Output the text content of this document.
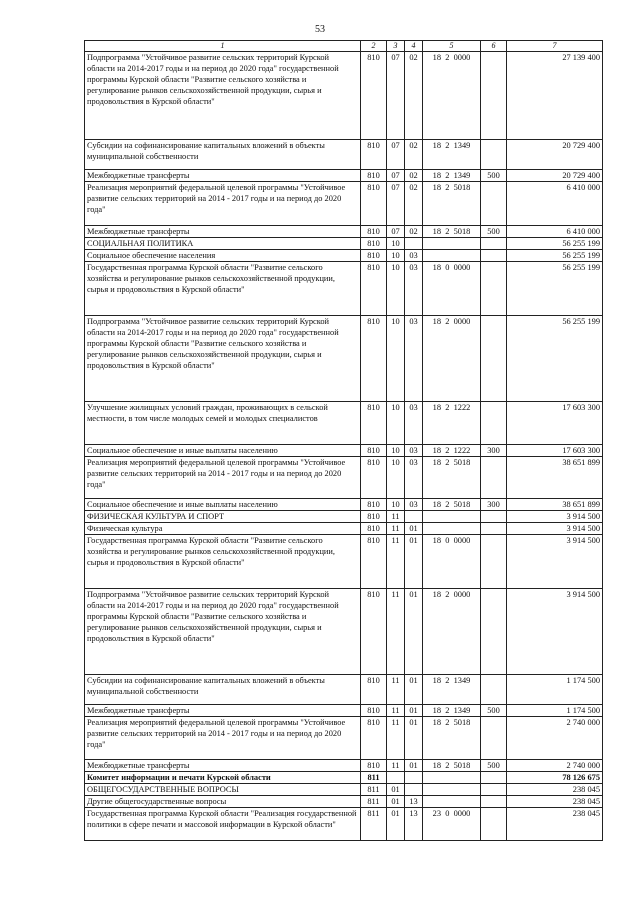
53
1	2	3	4	5	6	7
Подпрограмма "Устойчивое развитие сельских территорий Курской области на 2014-2017 годы и на период до 2020 года" государственной программы Курской области "Развитие сельского хозяйства и регулирование рынков сельскохозяйственной продукции, сырья и продовольствия в Курской области"	810	07	02	18  2  0000		27 139 400
Субсидии на софинансирование капитальных вложений в объекты муниципальной собственности	810	07	02	18  2  1349		20 729 400
Межбюджетные трансферты	810	07	02	18  2  1349	500	20 729 400
Реализация мероприятий федеральной целевой программы "Устойчивое развитие сельских территорий на 2014 - 2017 годы и на период до 2020 года"	810	07	02	18  2  5018		6 410 000
Межбюджетные трансферты	810	07	02	18  2  5018	500	6 410 000
СОЦИАЛЬНАЯ ПОЛИТИКА	810	10				56 255 199
Социальное обеспечение населения	810	10	03			56 255 199
Государственная программа Курской области "Развитие сельского хозяйства и регулирование рынков сельскохозяйственной продукции, сырья и продовольствия в Курской области"	810	10	03	18  0  0000		56 255 199
Подпрограмма "Устойчивое развитие сельских территорий Курской области на 2014-2017 годы и на период до 2020 года" государственной программы Курской области "Развитие сельского хозяйства и регулирование рынков сельскохозяйственной продукции, сырья и продовольствия в Курской области"	810	10	03	18  2  0000		56 255 199
Улучшение жилищных условий граждан, проживающих в сельской местности, в том числе молодых семей и молодых специалистов	810	10	03	18  2  1222		17 603 300
Социальное обеспечение и иные выплаты населению	810	10	03	18  2  1222	300	17 603 300
Реализация мероприятий федеральной целевой программы "Устойчивое развитие сельских территорий на 2014 - 2017 годы и на период до 2020 года"	810	10	03	18  2  5018		38 651 899
Социальное обеспечение и иные выплаты населению	810	10	03	18  2  5018	300	38 651 899
ФИЗИЧЕСКАЯ КУЛЬТУРА И СПОРТ	810	11				3 914 500
Физическая культура	810	11	01			3 914 500
Государственная программа Курской области "Развитие сельского хозяйства и регулирование рынков сельскохозяйственной продукции, сырья и продовольствия в Курской области"	810	11	01	18  0  0000		3 914 500
Подпрограмма "Устойчивое развитие сельских территорий Курской области на 2014-2017 годы и на период до 2020 года" государственной программы Курской области "Развитие сельского хозяйства и регулирование рынков сельскохозяйственной продукции, сырья и продовольствия в Курской области"	810	11	01	18  2  0000		3 914 500
Субсидии на софинансирование капитальных вложений в объекты муниципальной собственности	810	11	01	18  2  1349		1 174 500
Межбюджетные трансферты	810	11	01	18  2  1349	500	1 174 500
Реализация мероприятий федеральной целевой программы "Устойчивое развитие сельских территорий на 2014 - 2017 годы и на период до 2020 года"	810	11	01	18  2  5018		2 740 000
Межбюджетные трансферты	810	11	01	18  2  5018	500	2 740 000
Комитет информации и печати Курской области	811					78 126 675
ОБЩЕГОСУДАРСТВЕННЫЕ ВОПРОСЫ	811	01				238 045
Другие общегосударственные вопросы	811	01	13			238 045
Государственная программа Курской области "Реализация государственной политики в сфере печати и массовой информации в Курской области"	811	01	13	23  0  0000		238 045
